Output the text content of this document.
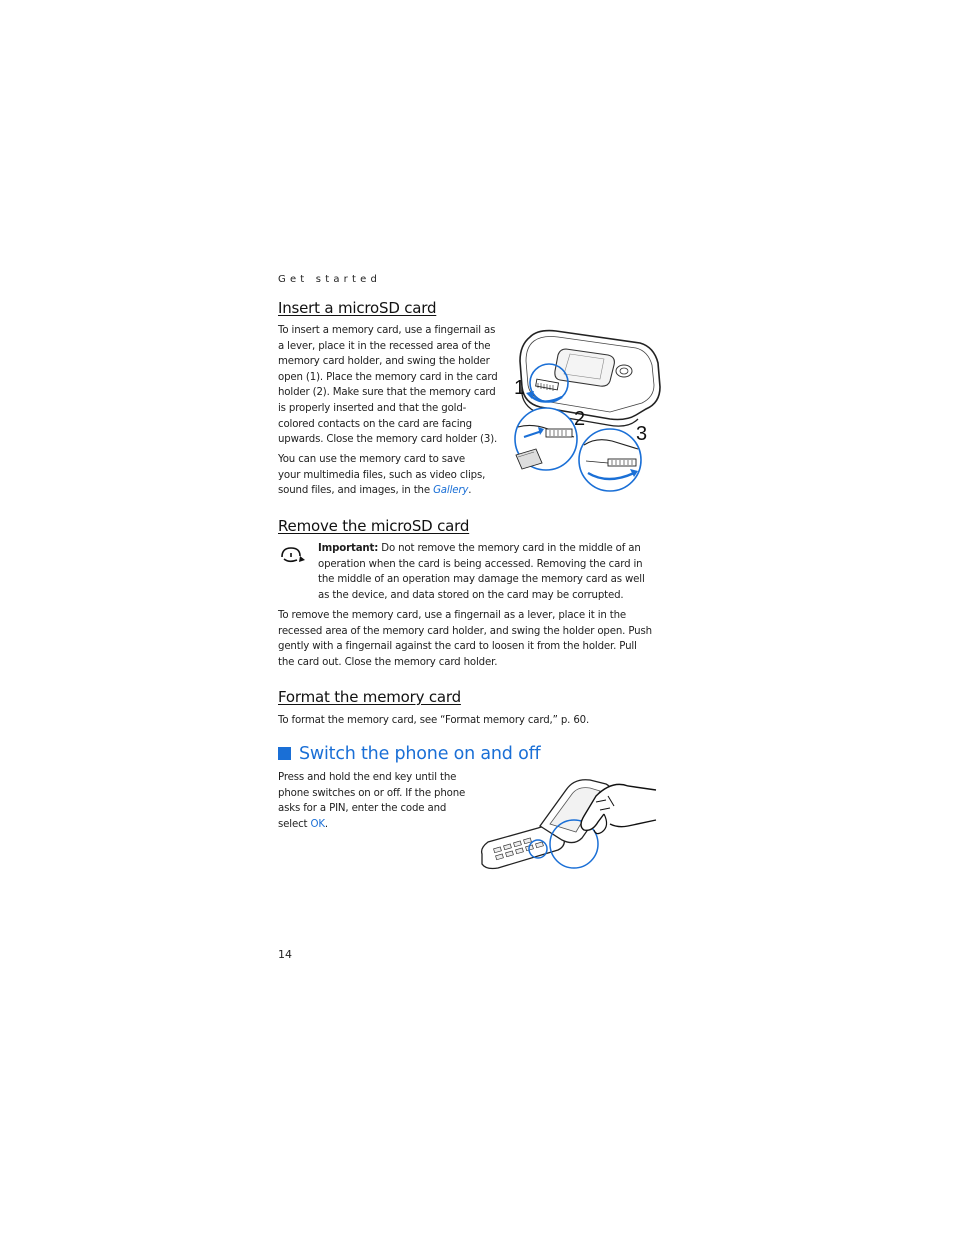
Get started
Insert a microSD card
To insert a memory card, use a fingernail as a lever, place it in the recessed area of the memory card holder, and swing the holder open (1). Place the memory card in the card holder (2). Make sure that the memory card is properly inserted and that the gold-colored contacts on the card are facing upwards. Close the memory card holder (3).
You can use the memory card to save your multimedia files, such as video clips, sound files, and images, in the Gallery.
1
2
3
Remove the microSD card
Important: Do not remove the memory card in the middle of an operation when the card is being accessed. Removing the card in the middle of an operation may damage the memory card as well as the device, and data stored on the card may be corrupted.
To remove the memory card, use a fingernail as a lever, place it in the recessed area of the memory card holder, and swing the holder open. Push gently with a fingernail against the card to loosen it from the holder. Pull the card out. Close the memory card holder.
Format the memory card
To format the memory card, see “Format memory card,” p. 60.
Switch the phone on and off
Press and hold the end key until the phone switches on or off. If the phone asks for a PIN, enter the code and select OK.
14
